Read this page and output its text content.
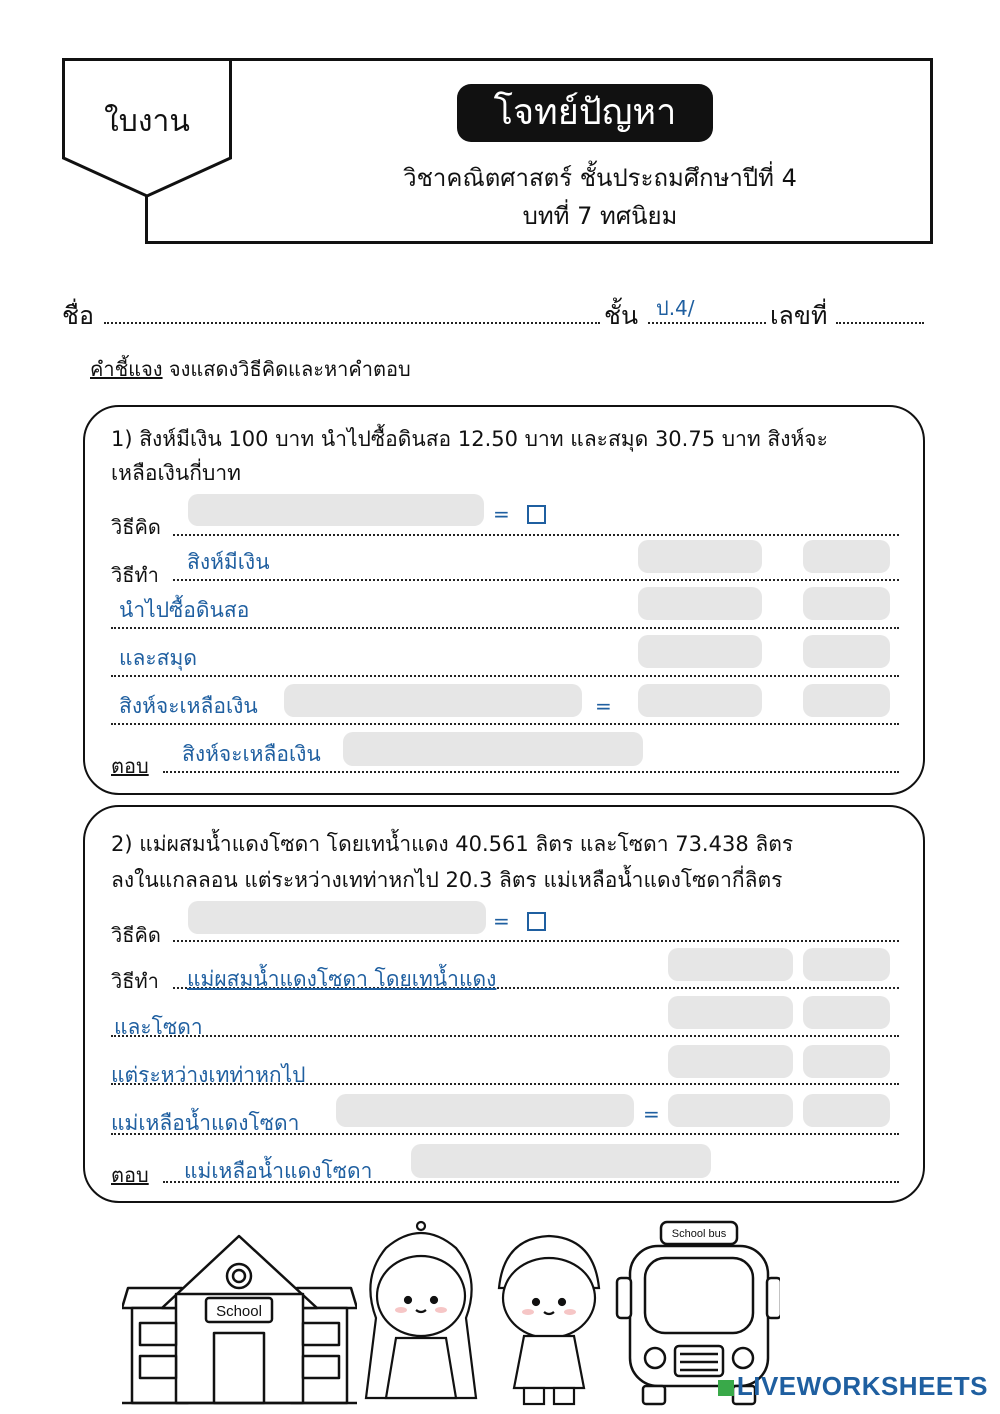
ใบงาน	โจทย์ปัญหา
วิชาคณิตศาสตร์ ชั้นประถมศึกษาปีที่ 4
บทที่ 7 ทศนิยม
ชื่อ	ชั้น ป.4/	เลขที่
คำชี้แจง จงแสดงวิธีคิดและหาคำตอบ
1) สิงห์มีเงิน 100 บาท นำไปซื้อดินสอ 12.50 บาท และสมุด 30.75 บาท สิงห์จะ
เหลือเงินกี่บาท
วิธีคิด
=
วิธีทำ
สิงห์มีเงิน
นำไปซื้อดินสอ
และสมุด
สิงห์จะเหลือเงิน	=
ตอบ สิงห์จะเหลือเงิน
2) แม่ผสมน้ำแดงโซดา โดยเทน้ำแดง 40.561 ลิตร และโซดา 73.438 ลิตร
ลงในแกลลอน แต่ระหว่างเทท่าหกไป 20.3 ลิตร แม่เหลือน้ำแดงโซดากี่ลิตร
วิธีคิด
=
วิธีทำ แม่ผสมน้ำแดงโซดา โดยเทน้ำแดง
และโซดา
แต่ระหว่างเทท่าหกไป
แม่เหลือน้ำแดงโซดา	=
ตอบ แม่เหลือน้ำแดงโซดา
School
School bus
LIVEWORKSHEETS
